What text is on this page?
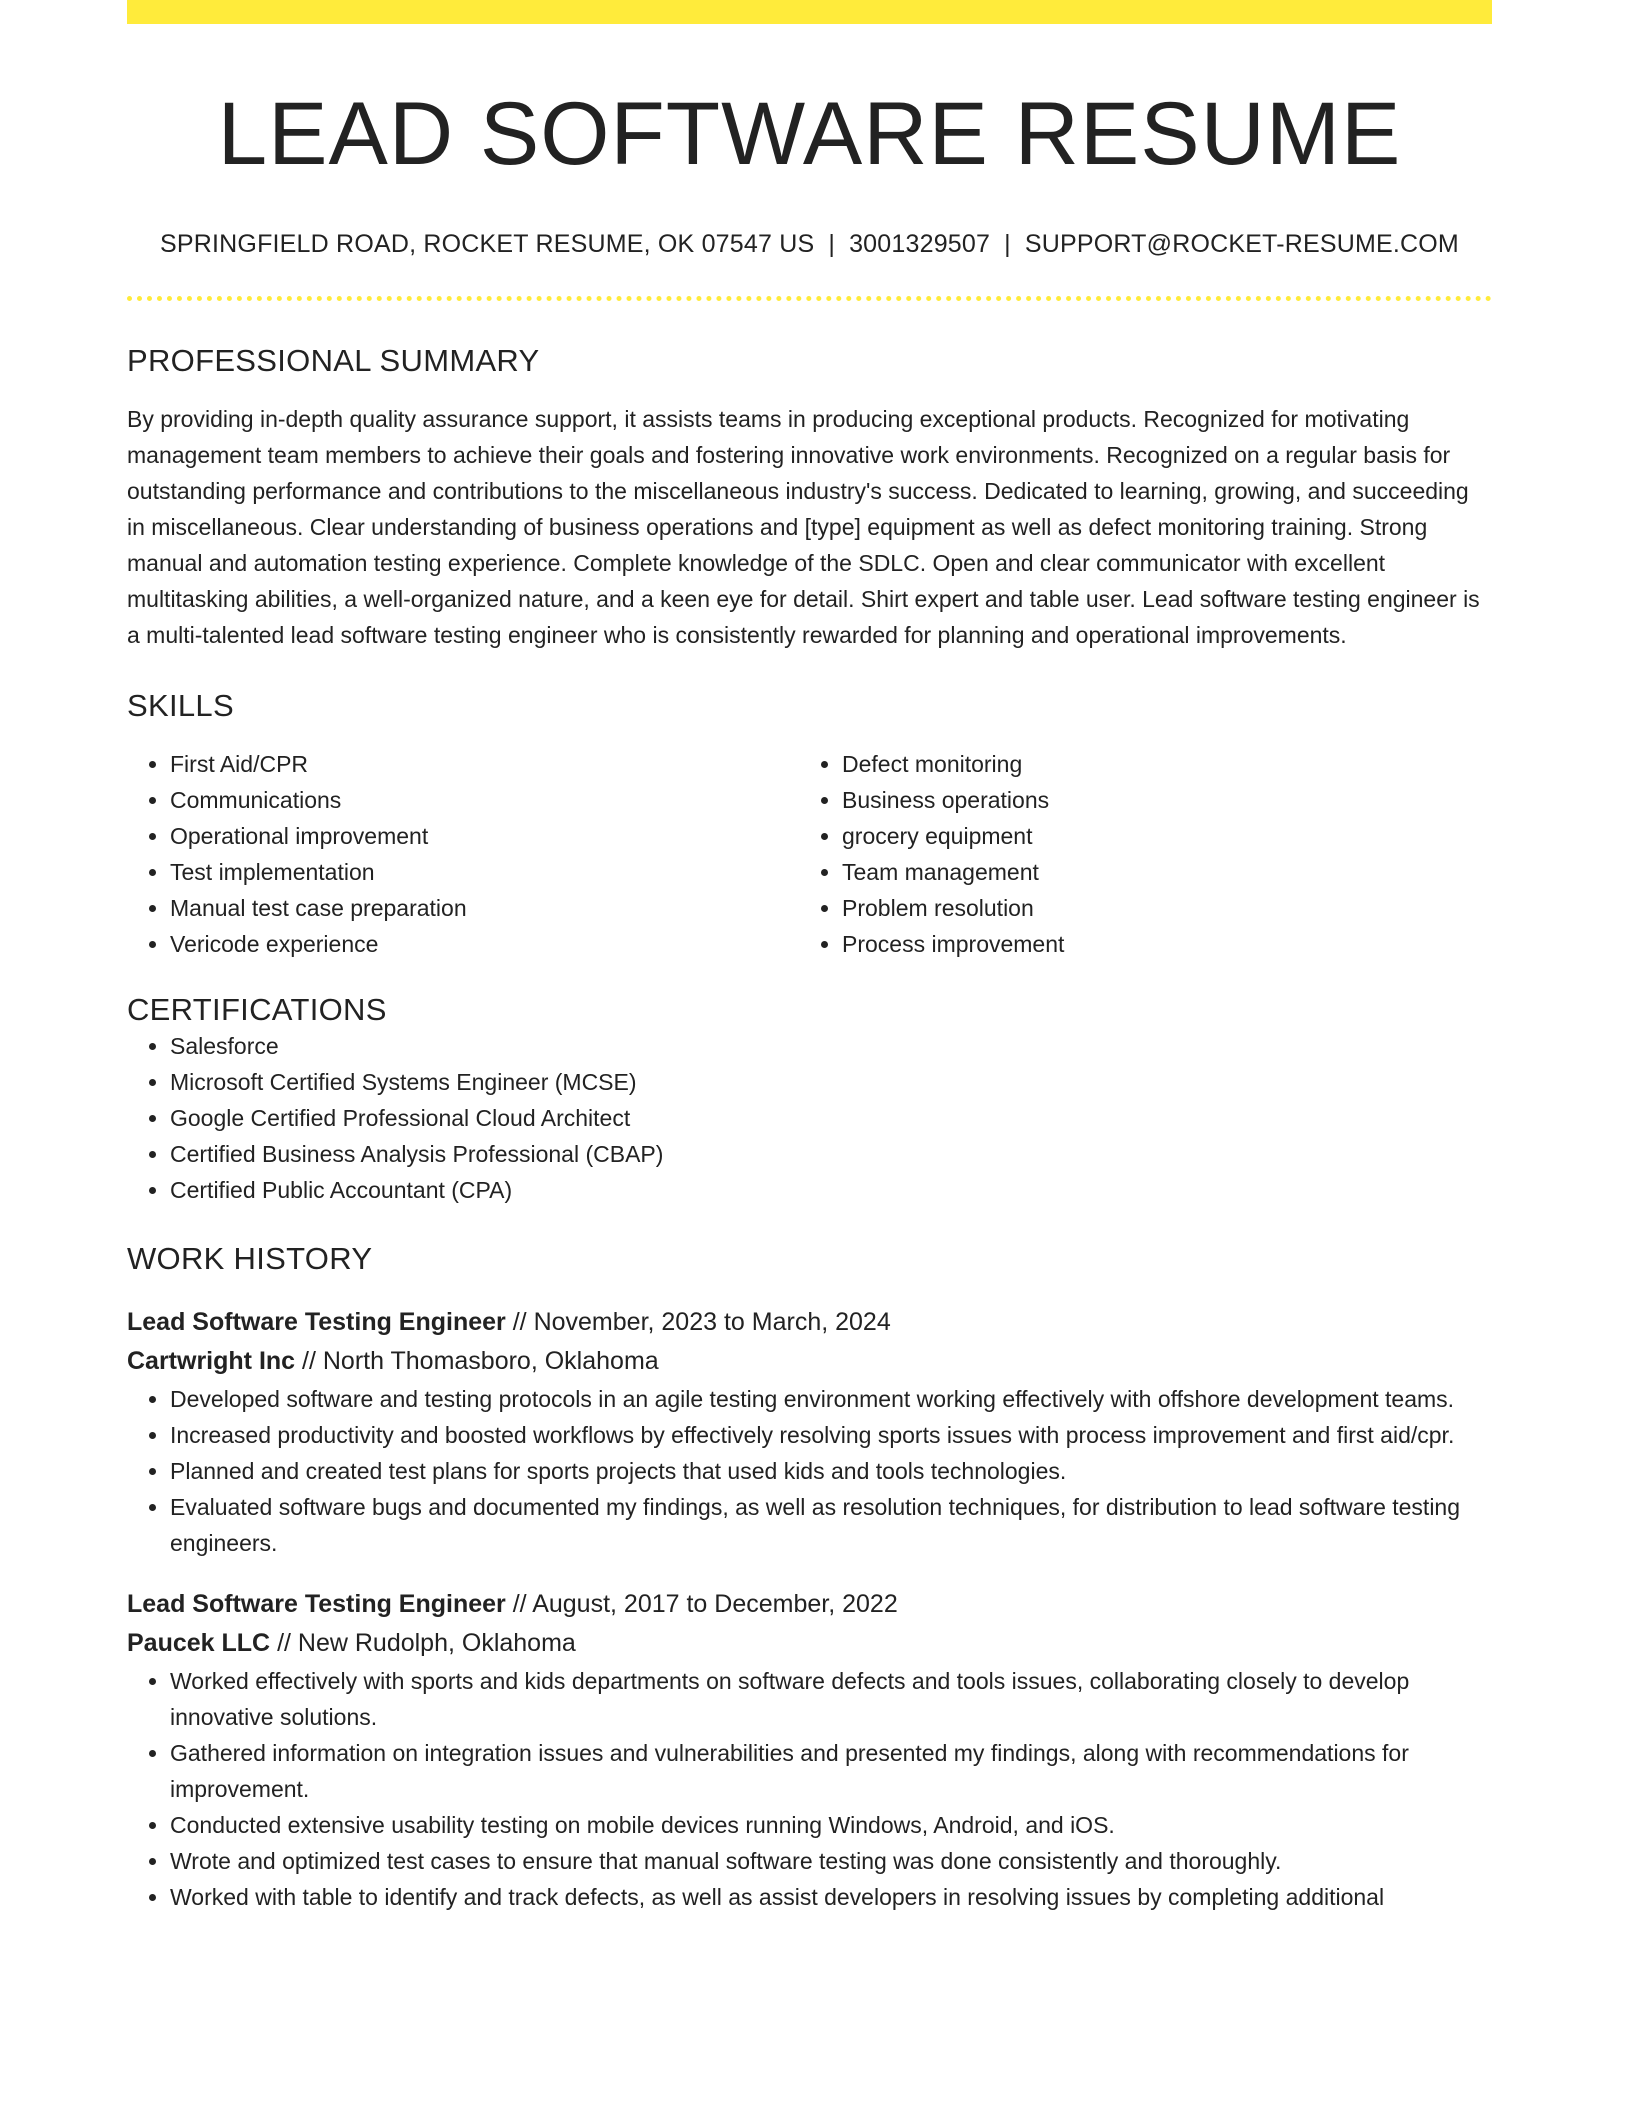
LEAD SOFTWARE RESUME
SPRINGFIELD ROAD, ROCKET RESUME, OK 07547 US | 3001329507 | SUPPORT@ROCKET-RESUME.COM
PROFESSIONAL SUMMARY

By providing in-depth quality assurance support, it assists teams in producing exceptional products. Recognized for motivating management team members to achieve their goals and fostering innovative work environments. Recognized on a regular basis for outstanding performance and contributions to the miscellaneous industry's success. Dedicated to learning, growing, and succeeding in miscellaneous. Clear understanding of business operations and [type] equipment as well as defect monitoring training. Strong manual and automation testing experience. Complete knowledge of the SDLC. Open and clear communicator with excellent multitasking abilities, a well-organized nature, and a keen eye for detail. Shirt expert and table user. Lead software testing engineer is a multi-talented lead software testing engineer who is consistently rewarded for planning and operational improvements.

SKILLS
• First Aid/CPR
• Communications
• Operational improvement
• Test implementation
• Manual test case preparation
• Vericode experience
• Defect monitoring
• Business operations
• grocery equipment
• Team management
• Problem resolution
• Process improvement
CERTIFICATIONS
• Salesforce
• Microsoft Certified Systems Engineer (MCSE)
• Google Certified Professional Cloud Architect
• Certified Business Analysis Professional (CBAP)
• Certified Public Accountant (CPA)
WORK HISTORY
Lead Software Testing Engineer // November, 2023 to March, 2024
Cartwright Inc // North Thomasboro, Oklahoma
• Developed software and testing protocols in an agile testing environment working effectively with offshore development teams.
• Increased productivity and boosted workflows by effectively resolving sports issues with process improvement and first aid/cpr.
• Planned and created test plans for sports projects that used kids and tools technologies.
• Evaluated software bugs and documented my findings, as well as resolution techniques, for distribution to lead software testing engineers.
Lead Software Testing Engineer // August, 2017 to December, 2022
Paucek LLC // New Rudolph, Oklahoma
• Worked effectively with sports and kids departments on software defects and tools issues, collaborating closely to develop innovative solutions.
• Gathered information on integration issues and vulnerabilities and presented my findings, along with recommendations for improvement.
• Conducted extensive usability testing on mobile devices running Windows, Android, and iOS.
• Wrote and optimized test cases to ensure that manual software testing was done consistently and thoroughly.
• Worked with table to identify and track defects, as well as assist developers in resolving issues by completing additional
